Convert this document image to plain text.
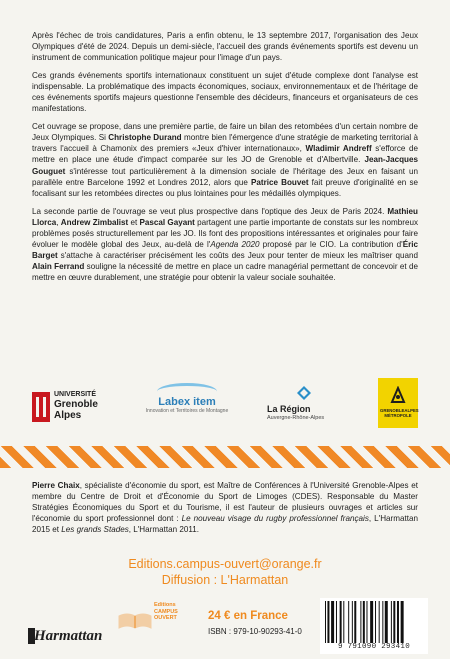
Après l'échec de trois candidatures, Paris a enfin obtenu, le 13 septembre 2017, l'organisation des Jeux Olympiques d'été de 2024. Depuis un demi-siècle, l'accueil des grands événements sportifs est devenu un instrument de communication politique majeur pour l'image d'un pays.

Ces grands événements sportifs internationaux constituent un sujet d'étude complexe dont l'analyse est indispensable. La problématique des impacts économiques, sociaux, environnementaux et de l'héritage de ces événements sportifs majeurs questionne l'ensemble des décideurs, financeurs et organisateurs de ces manifestations.

Cet ouvrage se propose, dans une première partie, de faire un bilan des retombées d'un certain nombre de Jeux Olympiques. Si Christophe Durand montre bien l'émergence d'une stratégie de marketing territorial à travers l'accueil à Chamonix des premiers «Jeux d'hiver internationaux», Wladimir Andreff s'efforce de mettre en place une étude d'impact comparée sur les JO de Grenoble et d'Albertville. Jean-Jacques Gouguet s'intéresse tout particulièrement à la dimension sociale de l'héritage des Jeux en faisant un parallèle entre Barcelone 1992 et Londres 2012, alors que Patrice Bouvet fait preuve d'originalité en se focalisant sur les retombées directes ou plus lointaines pour les médaillés olympiques.

La seconde partie de l'ouvrage se veut plus prospective dans l'optique des Jeux de Paris 2024. Mathieu Llorca, Andrew Zimbalist et Pascal Gayant partagent une partie importante de constats sur les nombreux problèmes posés structurellement par les JO. Ils font des propositions intéressantes et originales pour faire évoluer le modèle global des Jeux, au-delà de l'Agenda 2020 proposé par le CIO. La contribution d'Éric Barget s'attache à caractériser précisément les coûts des Jeux pour tenter de mieux les maîtriser quand Alain Ferrand souligne la nécessité de mettre en place un cadre managérial permettant de concevoir et de mettre en œuvre durablement, une stratégie pour obtenir la valeur sociale souhaitée.

UNIVERSITÉ
Grenoble
Alpes
Labex item
Innovation et Territoires de Montagne	La Région
Auvergne-Rhône-Alpes
GRENOBLEALPES MÉTROPOLE

Pierre Chaix, spécialiste d'économie du sport, est Maître de Conférences à l'Université Grenoble-Alpes et membre du Centre de Droit et d'Économie du Sport de Limoges (CDES). Responsable du Master Stratégies Économiques du Sport et du Tourisme, il est l'auteur de plusieurs ouvrages et articles sur l'économie du sport professionnel dont : Le nouveau visage du rugby professionnel français, L'Harmattan 2015 et Les grands Stades, L'Harmattan 2011.

Editions.campus-ouvert@orange.fr
Diffusion : L'Harmattan
Harmattan
Editions
CAMPUS
OUVERT	24 € en France
ISBN : 979-10-90293-41-0
9 791090 293410
